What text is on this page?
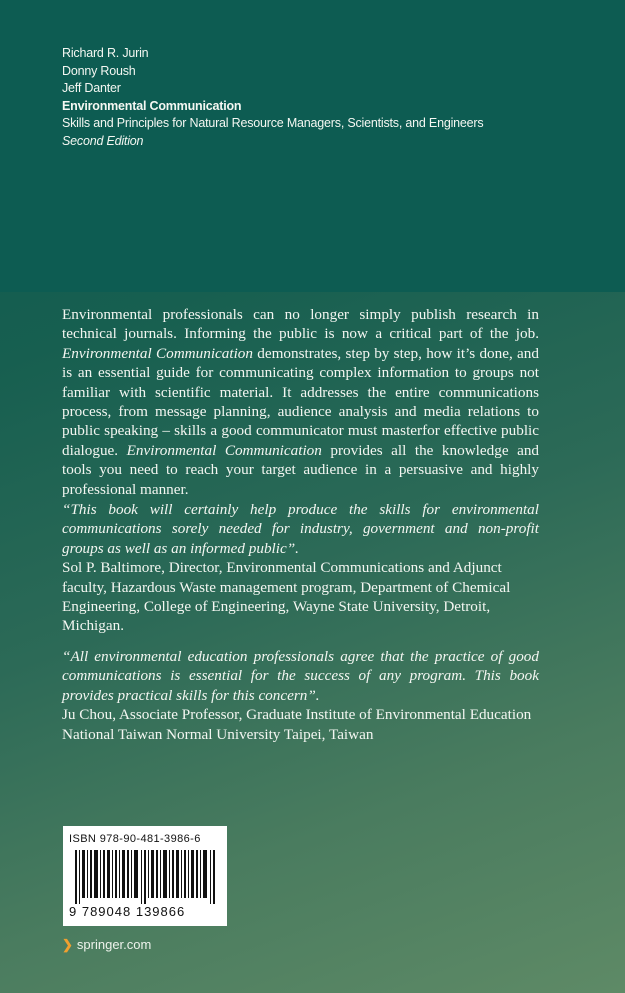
Richard R. Jurin
Donny Roush
Jeff Danter
Environmental Communication
Skills and Principles for Natural Resource Managers, Scientists, and Engineers
Second Edition

Environmental professionals can no longer simply publish research in technical journals. Informing the public is now a critical part of the job. Environmental Communication demonstrates, step by step, how it’s done, and is an essential guide for communicating complex information to groups not familiar with scientific material. It addresses the entire communications process, from message planning, audience analysis and media relations to public speaking – skills a good communicator must masterfor effective public dialogue. Environmental Communication provides all the knowledge and tools you need to reach your target audience in a persuasive and highly professional manner.

“This book will certainly help produce the skills for environmental communications sorely needed for industry, government and non-profit groups as well as an informed public”.
Sol P. Baltimore, Director, Environmental Communications and Adjunct faculty, Hazardous Waste management program, Department of Chemical Engineering, College of Engineering, Wayne State University, Detroit, Michigan.
“All environmental education professionals agree that the practice of good communications is essential for the success of any program. This book provides practical skills for this concern”.
Ju Chou, Associate Professor, Graduate Institute of Environmental Education National Taiwan Normal University Taipei, Taiwan
ISBN 978-90-481-3986-6
9 789048 139866
❯ springer.com
